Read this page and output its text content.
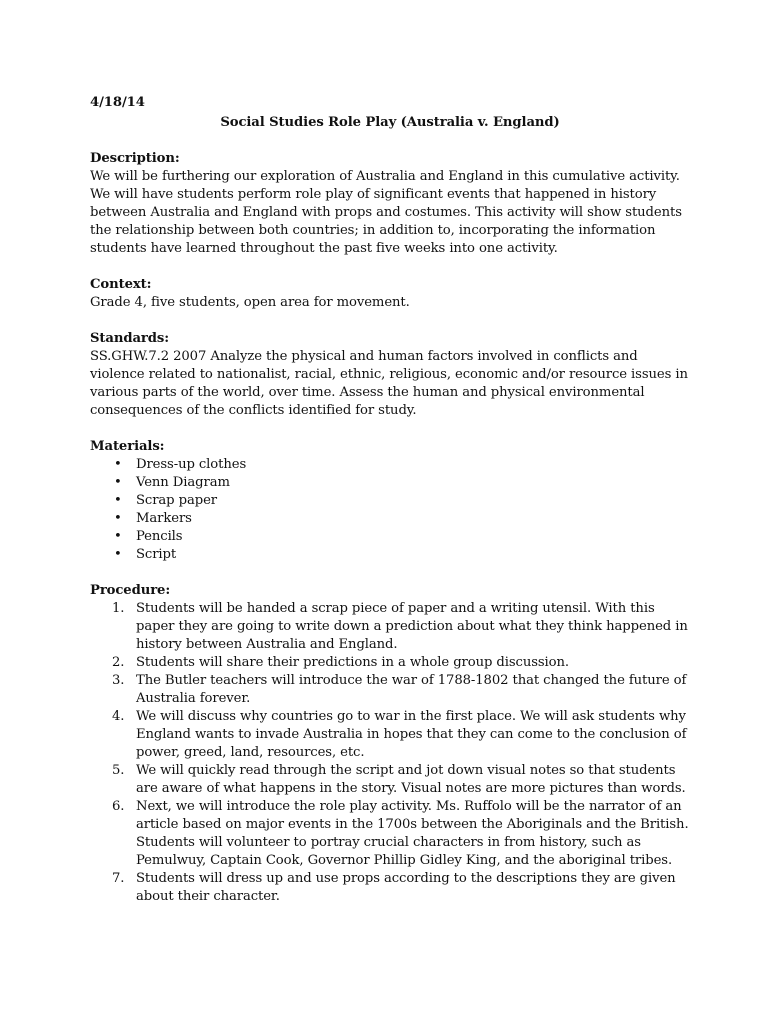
4/18/14

Social Studies Role Play (Australia v. England)

Description:

We will be furthering our exploration of Australia and England in this cumulative activity. We will have students perform role play of significant events that happened in history between Australia and England with props and costumes. This activity will show students the relationship between both countries; in addition to, incorporating the information students have learned throughout the past five weeks into one activity.

Context:

Grade 4, five students, open area for movement.

Standards:

SS.GHW.7.2 2007 Analyze the physical and human factors involved in conflicts and violence related to nationalist, racial, ethnic, religious, economic and/or resource issues in various parts of the world, over time. Assess the human and physical environmental consequences of the conflicts identified for study.

Materials:

• Dress-up clothes
• Venn Diagram
• Scrap paper
• Markers
• Pencils
• Script

Procedure:

1. Students will be handed a scrap piece of paper and a writing utensil. With this paper they are going to write down a prediction about what they think happened in history between Australia and England.
2. Students will share their predictions in a whole group discussion.
3. The Butler teachers will introduce the war of 1788-1802 that changed the future of Australia forever.
4. We will discuss why countries go to war in the first place. We will ask students why England wants to invade Australia in hopes that they can come to the conclusion of power, greed, land, resources, etc.
5. We will quickly read through the script and jot down visual notes so that students are aware of what happens in the story. Visual notes are more pictures than words.
6. Next, we will introduce the role play activity. Ms. Ruffolo will be the narrator of an article based on major events in the 1700s between the Aboriginals and the British. Students will volunteer to portray crucial characters in from history, such as Pemulwuy, Captain Cook, Governor Phillip Gidley King, and the aboriginal tribes.
7. Students will dress up and use props according to the descriptions they are given about their character.
